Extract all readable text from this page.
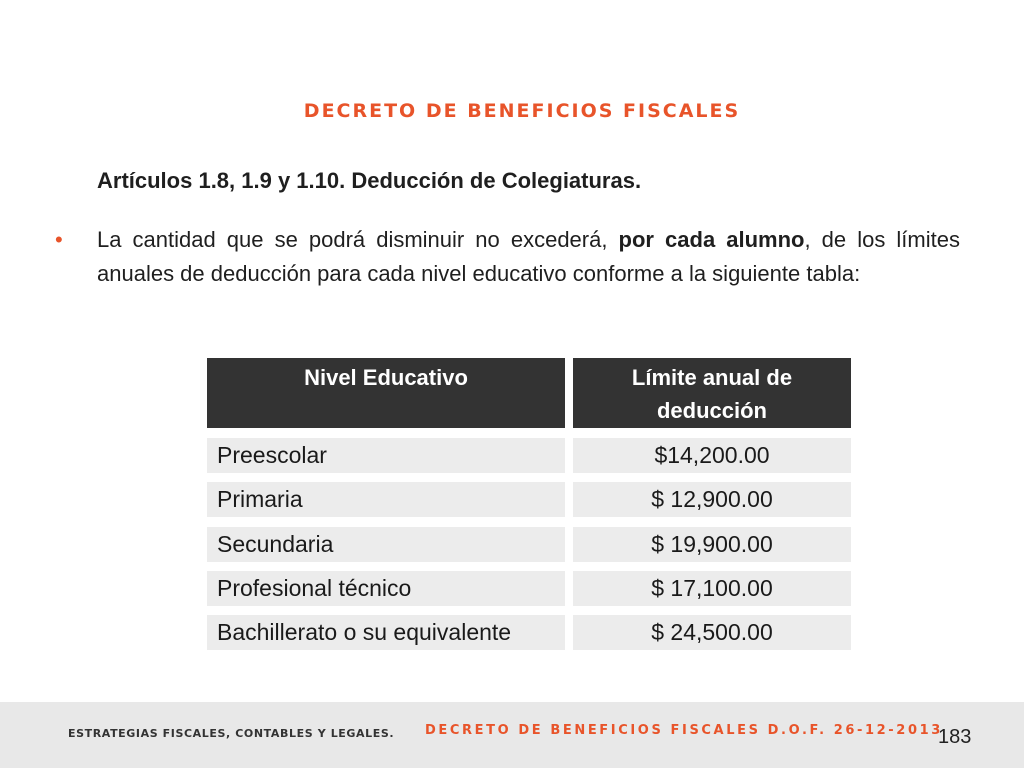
DECRETO DE BENEFICIOS FISCALES
Artículos 1.8, 1.9 y 1.10. Deducción de Colegiaturas.
• La cantidad que se podrá disminuir no excederá, por cada alumno, de los límites anuales de deducción para cada nivel educativo conforme a la siguiente tabla:
Nivel Educativo	Límite anual de deducción
Preescolar	$14,200.00
Primaria	$ 12,900.00
Secundaria	$ 19,900.00
Profesional técnico	$ 17,100.00
Bachillerato o su equivalente	$ 24,500.00
ESTRATEGIAS FISCALES, CONTABLES Y LEGALES. DECRETO DE BENEFICIOS FISCALES D.O.F. 26-12-2013
183
